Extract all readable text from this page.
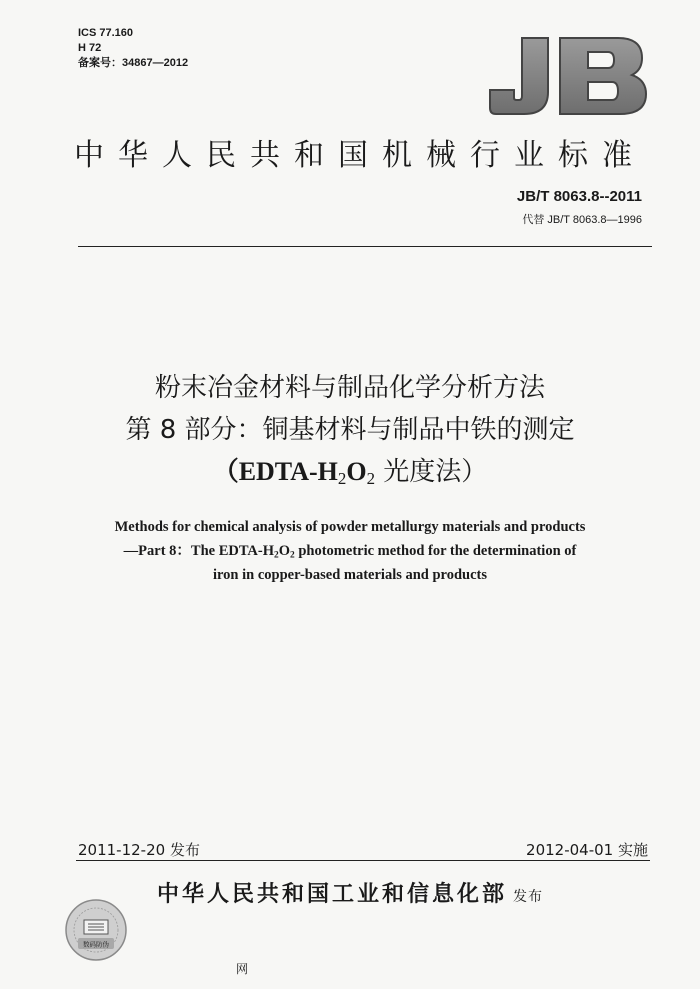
ICS 77.160
H 72
备案号：34867—2012
JB
中华人民共和国机械行业标准
JB/T 8063.8--2011
代替 JB/T 8063.8—1996
粉末冶金材料与制品化学分析方法
第 8 部分：铜基材料与制品中铁的测定
（$EDTA-H_2O_2$ 光度法）
Methods for chemical analysis of powder metallurgy materials and products
—Part 8：The EDTA-$H_2O_2$ photometric method for the determination of
iron in copper-based materials and products
2011-12-20 发布	2012-04-01 实施
中华人民共和国工业和信息化部 发布
数码防伪
网
